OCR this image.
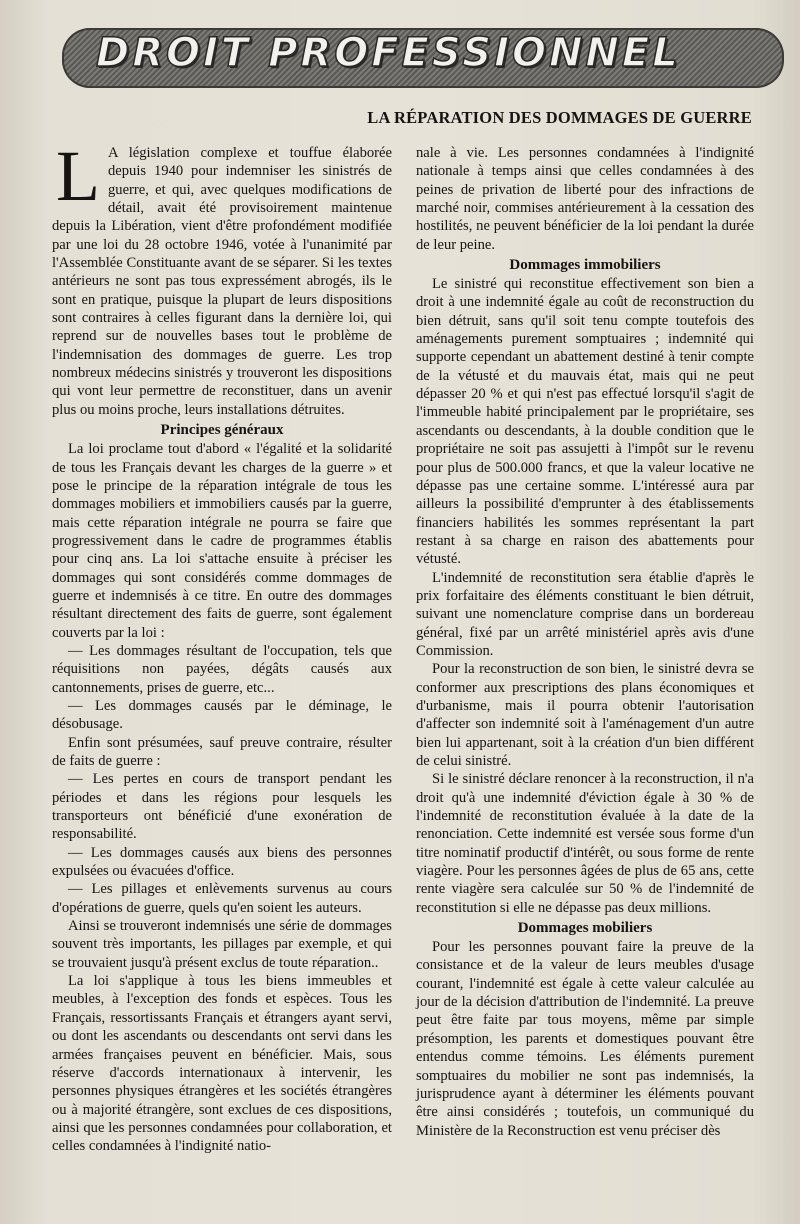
DROIT PROFESSIONNEL
LA RÉPARATION DES DOMMAGES DE GUERRE

L A législation complexe et touffue élaborée depuis 1940 pour indemniser les sinistrés de guerre, et qui, avec quelques modifications de détail, avait été provisoirement maintenue depuis la Libération, vient d'être profondément modifiée par une loi du 28 octobre 1946, votée à l'unanimité par l'Assemblée Constituante avant de se séparer. Si les textes antérieurs ne sont pas tous expressément abrogés, ils le sont en pratique, puisque la plupart de leurs dispositions sont contraires à celles figurant dans la dernière loi, qui reprend sur de nouvelles bases tout le problème de l'indemnisation des dommages de guerre. Les trop nombreux médecins sinistrés y trouveront les dispositions qui vont leur permettre de reconstituer, dans un avenir plus ou moins proche, leurs installations détruites.

Principes généraux

La loi proclame tout d'abord « l'égalité et la solidarité de tous les Français devant les charges de la guerre » et pose le principe de la réparation intégrale de tous les dommages mobiliers et immobiliers causés par la guerre, mais cette réparation intégrale ne pourra se faire que progressivement dans le cadre de programmes établis pour cinq ans. La loi s'attache ensuite à préciser les dommages qui sont considérés comme dommages de guerre et indemnisés à ce titre. En outre des dommages résultant directement des faits de guerre, sont également couverts par la loi :

— Les dommages résultant de l'occupation, tels que réquisitions non payées, dégâts causés aux cantonnements, prises de guerre, etc...

— Les dommages causés par le déminage, le désobusage.

Enfin sont présumées, sauf preuve contraire, résulter de faits de guerre :

— Les pertes en cours de transport pendant les périodes et dans les régions pour lesquels les transporteurs ont bénéficié d'une exonération de responsabilité.

— Les dommages causés aux biens des personnes expulsées ou évacuées d'office.

— Les pillages et enlèvements survenus au cours d'opérations de guerre, quels qu'en soient les auteurs.

Ainsi se trouveront indemnisés une série de dommages souvent très importants, les pillages par exemple, et qui se trouvaient jusqu'à présent exclus de toute réparation..

La loi s'applique à tous les biens immeubles et meubles, à l'exception des fonds et espèces. Tous les Français, ressortissants Français et étrangers ayant servi, ou dont les ascendants ou descendants ont servi dans les armées françaises peuvent en bénéficier. Mais, sous réserve d'accords internationaux à intervenir, les personnes physiques étrangères et les sociétés étrangères ou à majorité étrangère, sont exclues de ces dispositions, ainsi que les personnes condamnées pour collaboration, et celles condamnées à l'indignité natio-

nale à vie. Les personnes condamnées à l'indignité nationale à temps ainsi que celles condamnées à des peines de privation de liberté pour des infractions de marché noir, commises antérieurement à la cessation des hostilités, ne peuvent bénéficier de la loi pendant la durée de leur peine.

Dommages immobiliers

Le sinistré qui reconstitue effectivement son bien a droit à une indemnité égale au coût de reconstruction du bien détruit, sans qu'il soit tenu compte toutefois des aménagements purement somptuaires ; indemnité qui supporte cependant un abattement destiné à tenir compte de la vétusté et du mauvais état, mais qui ne peut dépasser 20 % et qui n'est pas effectué lorsqu'il s'agit de l'immeuble habité principalement par le propriétaire, ses ascendants ou descendants, à la double condition que le propriétaire ne soit pas assujetti à l'impôt sur le revenu pour plus de 500.000 francs, et que la valeur locative ne dépasse pas une certaine somme. L'intéressé aura par ailleurs la possibilité d'emprunter à des établissements financiers habilités les sommes représentant la part restant à sa charge en raison des abattements pour vétusté.

L'indemnité de reconstitution sera établie d'après le prix forfaitaire des éléments constituant le bien détruit, suivant une nomenclature comprise dans un bordereau général, fixé par un arrêté ministériel après avis d'une Commission.

Pour la reconstruction de son bien, le sinistré devra se conformer aux prescriptions des plans économiques et d'urbanisme, mais il pourra obtenir l'autorisation d'affecter son indemnité soit à l'aménagement d'un autre bien lui appartenant, soit à la création d'un bien différent de celui sinistré.

Si le sinistré déclare renoncer à la reconstruction, il n'a droit qu'à une indemnité d'éviction égale à 30 % de l'indemnité de reconstitution évaluée à la date de la renonciation. Cette indemnité est versée sous forme d'un titre nominatif productif d'intérêt, ou sous forme de rente viagère. Pour les personnes âgées de plus de 65 ans, cette rente viagère sera calculée sur 50 % de l'indemnité de reconstitution si elle ne dépasse pas deux millions.

Dommages mobiliers

Pour les personnes pouvant faire la preuve de la consistance et de la valeur de leurs meubles d'usage courant, l'indemnité est égale à cette valeur calculée au jour de la décision d'attribution de l'indemnité. La preuve peut être faite par tous moyens, même par simple présomption, les parents et domestiques pouvant être entendus comme témoins. Les éléments purement somptuaires du mobilier ne sont pas indemnisés, la jurisprudence ayant à déterminer les éléments pouvant être ainsi considérés ; toutefois, un communiqué du Ministère de la Reconstruction est venu préciser dès
